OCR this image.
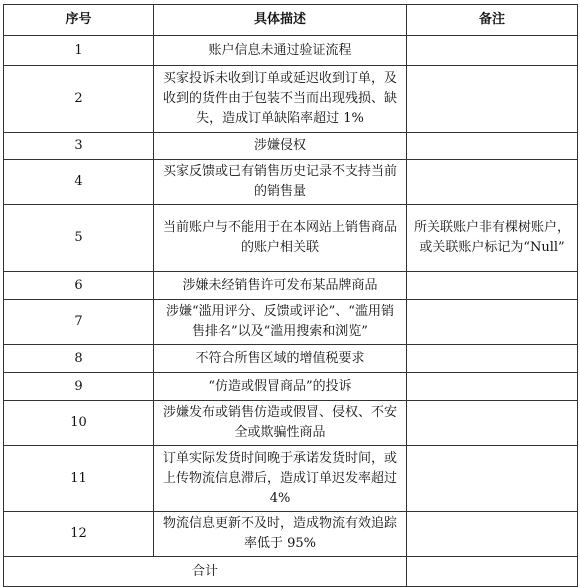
序号	具体描述	备注
1	账户信息未通过验证流程	
2	买家投诉未收到订单或延迟收到订单，及收到的货件由于包装不当而出现残损、缺失，造成订单缺陷率超过 1%	
3	涉嫌侵权	
4	买家反馈或已有销售历史记录不支持当前的销售量	
5	当前账户与不能用于在本网站上销售商品的账户相关联	所关联账户非有棵树账户，或关联账户标记为“Null”
6	涉嫌未经销售许可发布某品牌商品	
7	涉嫌“滥用评分、反馈或评论”、“滥用销售排名”以及“滥用搜索和浏览”	
8	不符合所售区域的增值税要求	
9	“仿造或假冒商品”的投诉	
10	涉嫌发布或销售仿造或假冒、侵权、不安全或欺骗性商品	
11	订单实际发货时间晚于承诺发货时间，或上传物流信息滞后，造成订单迟发率超过 4%	
12	物流信息更新不及时，造成物流有效追踪率低于 95%	
合计		
